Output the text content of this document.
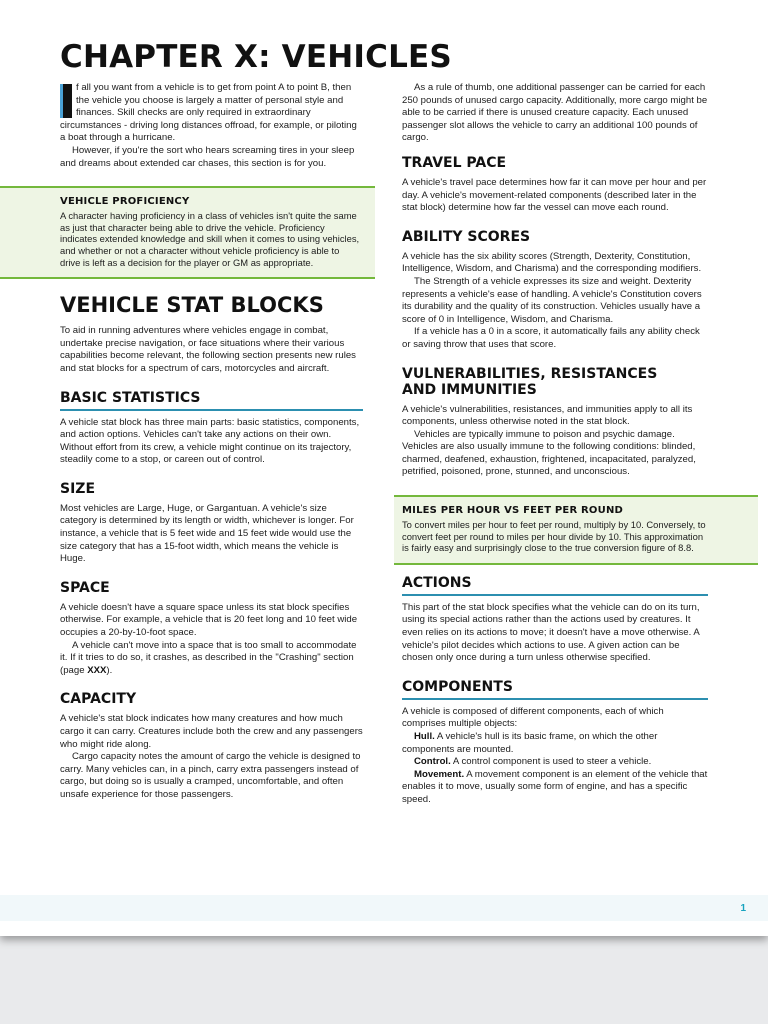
CHAPTER X: VEHICLES

f all you want from a vehicle is to get from point A to point B, then the vehicle you choose is largely a matter of personal style and finances. Skill checks are only required in extraordinary circumstances - driving long distances offroad, for example, or piloting a boat through a hurricane.

However, if you're the sort who hears screaming tires in your sleep and dreams about extended car chases, this section is for you.

VEHICLE PROFICIENCY

A character having proficiency in a class of vehicles isn't quite the same as just that character being able to drive the vehicle. Proficiency indicates extended knowledge and skill when it comes to using vehicles, and whether or not a character without vehicle proficiency is able to drive is left as a decision for the player or GM as appropriate.

VEHICLE STAT BLOCKS

To aid in running adventures where vehicles engage in combat, undertake precise navigation, or face situations where their various capabilities become relevant, the following section presents new rules and stat blocks for a spectrum of cars, motorcycles and aircraft.

BASIC STATISTICS

A vehicle stat block has three main parts: basic statistics, components, and action options. Vehicles can't take any actions on their own. Without effort from its crew, a vehicle might continue on its trajectory, steadily come to a stop, or careen out of control.

SIZE

Most vehicles are Large, Huge, or Gargantuan. A vehicle's size category is determined by its length or width, whichever is longer. For instance, a vehicle that is 5 feet wide and 15 feet wide would use the size category that has a 15-foot width, which means the vehicle is Huge.

SPACE

A vehicle doesn't have a square space unless its stat block specifies otherwise. For example, a vehicle that is 20 feet long and 10 feet wide occupies a 20-by-10-foot space.

A vehicle can't move into a space that is too small to accommodate it. If it tries to do so, it crashes, as described in the "Crashing" section (page XXX).

CAPACITY

A vehicle's stat block indicates how many creatures and how much cargo it can carry. Creatures include both the crew and any passengers who might ride along.

Cargo capacity notes the amount of cargo the vehicle is designed to carry. Many vehicles can, in a pinch, carry extra passengers instead of cargo, but doing so is usually a cramped, uncomfortable, and often unsafe experience for those passengers.

As a rule of thumb, one additional passenger can be carried for each 250 pounds of unused cargo capacity. Additionally, more cargo might be able to be carried if there is unused creature capacity. Each unused passenger slot allows the vehicle to carry an additional 100 pounds of cargo.

TRAVEL PACE

A vehicle's travel pace determines how far it can move per hour and per day. A vehicle's movement-related components (described later in the stat block) determine how far the vessel can move each round.

ABILITY SCORES

A vehicle has the six ability scores (Strength, Dexterity, Constitution, Intelligence, Wisdom, and Charisma) and the corresponding modifiers.

The Strength of a vehicle expresses its size and weight. Dexterity represents a vehicle's ease of handling. A vehicle's Constitution covers its durability and the quality of its construction. Vehicles usually have a score of 0 in Intelligence, Wisdom, and Charisma.

If a vehicle has a 0 in a score, it automatically fails any ability check or saving throw that uses that score.

VULNERABILITIES, RESISTANCES
AND IMMUNITIES

A vehicle's vulnerabilities, resistances, and immunities apply to all its components, unless otherwise noted in the stat block.

Vehicles are typically immune to poison and psychic damage. Vehicles are also usually immune to the following conditions: blinded, charmed, deafened, exhaustion, frightened, incapacitated, paralyzed, petrified, poisoned, prone, stunned, and unconscious.

MILES PER HOUR VS FEET PER ROUND

To convert miles per hour to feet per round, multiply by 10. Conversely, to convert feet per round to miles per hour divide by 10. This approximation is fairly easy and surprisingly close to the true conversion figure of 8.8.

ACTIONS

This part of the stat block specifies what the vehicle can do on its turn, using its special actions rather than the actions used by creatures. It even relies on its actions to move; it doesn't have a move otherwise. A vehicle's pilot decides which actions to use. A given action can be chosen only once during a turn unless otherwise specified.

COMPONENTS

A vehicle is composed of different components, each of which comprises multiple objects:

Hull. A vehicle's hull is its basic frame, on which the other components are mounted.

Control. A control component is used to steer a vehicle.

Movement. A movement component is an element of the vehicle that enables it to move, usually some form of engine, and has a specific speed.

1
